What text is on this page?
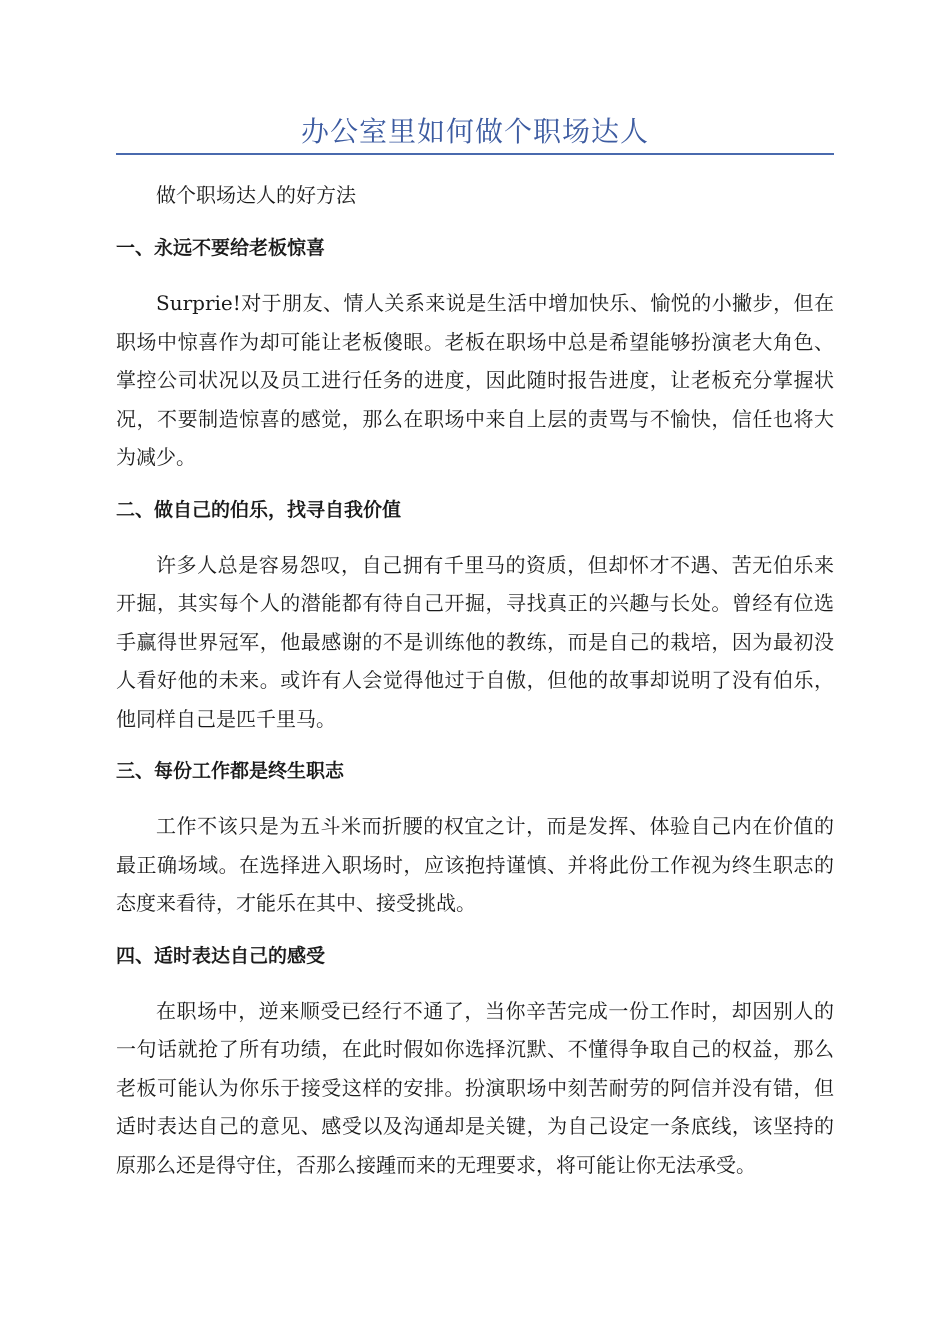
办公室里如何做个职场达人

做个职场达人的好方法

一、永远不要给老板惊喜

Surprie!对于朋友、情人关系来说是生活中增加快乐、愉悦的小撇步，但在职场中惊喜作为却可能让老板傻眼。老板在职场中总是希望能够扮演老大角色、掌控公司状况以及员工进行任务的进度，因此随时报告进度，让老板充分掌握状况，不要制造惊喜的感觉，那么在职场中来自上层的责骂与不愉快，信任也将大为减少。

二、做自己的伯乐，找寻自我价值

许多人总是容易怨叹，自己拥有千里马的资质，但却怀才不遇、苦无伯乐来开掘，其实每个人的潜能都有待自己开掘，寻找真正的兴趣与长处。曾经有位选手赢得世界冠军，他最感谢的不是训练他的教练，而是自己的栽培，因为最初没人看好他的未来。或许有人会觉得他过于自傲，但他的故事却说明了没有伯乐，他同样自己是匹千里马。

三、每份工作都是终生职志

工作不该只是为五斗米而折腰的权宜之计，而是发挥、体验自己内在价值的最正确场域。在选择进入职场时，应该抱持谨慎、并将此份工作视为终生职志的态度来看待，才能乐在其中、接受挑战。

四、适时表达自己的感受

在职场中，逆来顺受已经行不通了，当你辛苦完成一份工作时，却因别人的一句话就抢了所有功绩，在此时假如你选择沉默、不懂得争取自己的权益，那么老板可能认为你乐于接受这样的安排。扮演职场中刻苦耐劳的阿信并没有错，但适时表达自己的意见、感受以及沟通却是关键，为自己设定一条底线，该坚持的原那么还是得守住，否那么接踵而来的无理要求，将可能让你无法承受。
